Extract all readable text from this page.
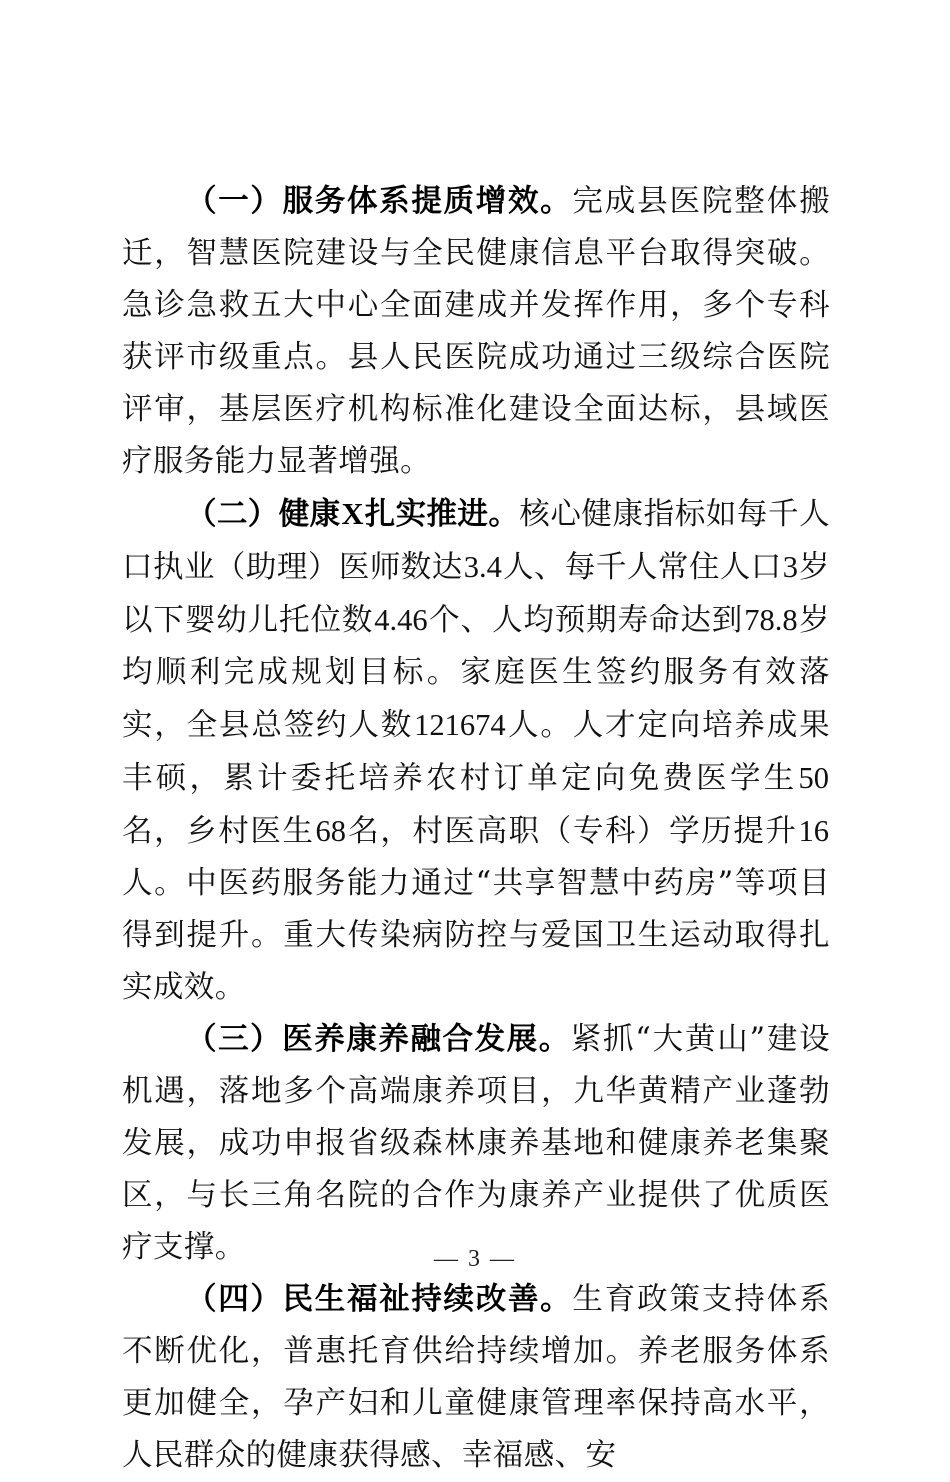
（一）服务体系提质增效。完成县医院整体搬迁，智慧医院建设与全民健康信息平台取得突破。急诊急救五大中心全面建成并发挥作用，多个专科获评市级重点。县人民医院成功通过三级综合医院评审，基层医疗机构标准化建设全面达标，县域医疗服务能力显著增强。

（二）健康X扎实推进。核心健康指标如每千人口执业（助理）医师数达3.4人、每千人常住人口3岁以下婴幼儿托位数4.46个、人均预期寿命达到78.8岁均顺利完成规划目标。家庭医生签约服务有效落实，全县总签约人数121674人。人才定向培养成果丰硕，累计委托培养农村订单定向免费医学生50名，乡村医生68名，村医高职（专科）学历提升16人。中医药服务能力通过“共享智慧中药房”等项目得到提升。重大传染病防控与爱国卫生运动取得扎实成效。

（三）医养康养融合发展。紧抓“大黄山”建设机遇，落地多个高端康养项目，九华黄精产业蓬勃发展，成功申报省级森林康养基地和健康养老集聚区，与长三角名院的合作为康养产业提供了优质医疗支撑。

（四）民生福祉持续改善。生育政策支持体系不断优化，普惠托育供给持续增加。养老服务体系更加健全，孕产妇和儿童健康管理率保持高水平，人民群众的健康获得感、幸福感、安

— 3 —
